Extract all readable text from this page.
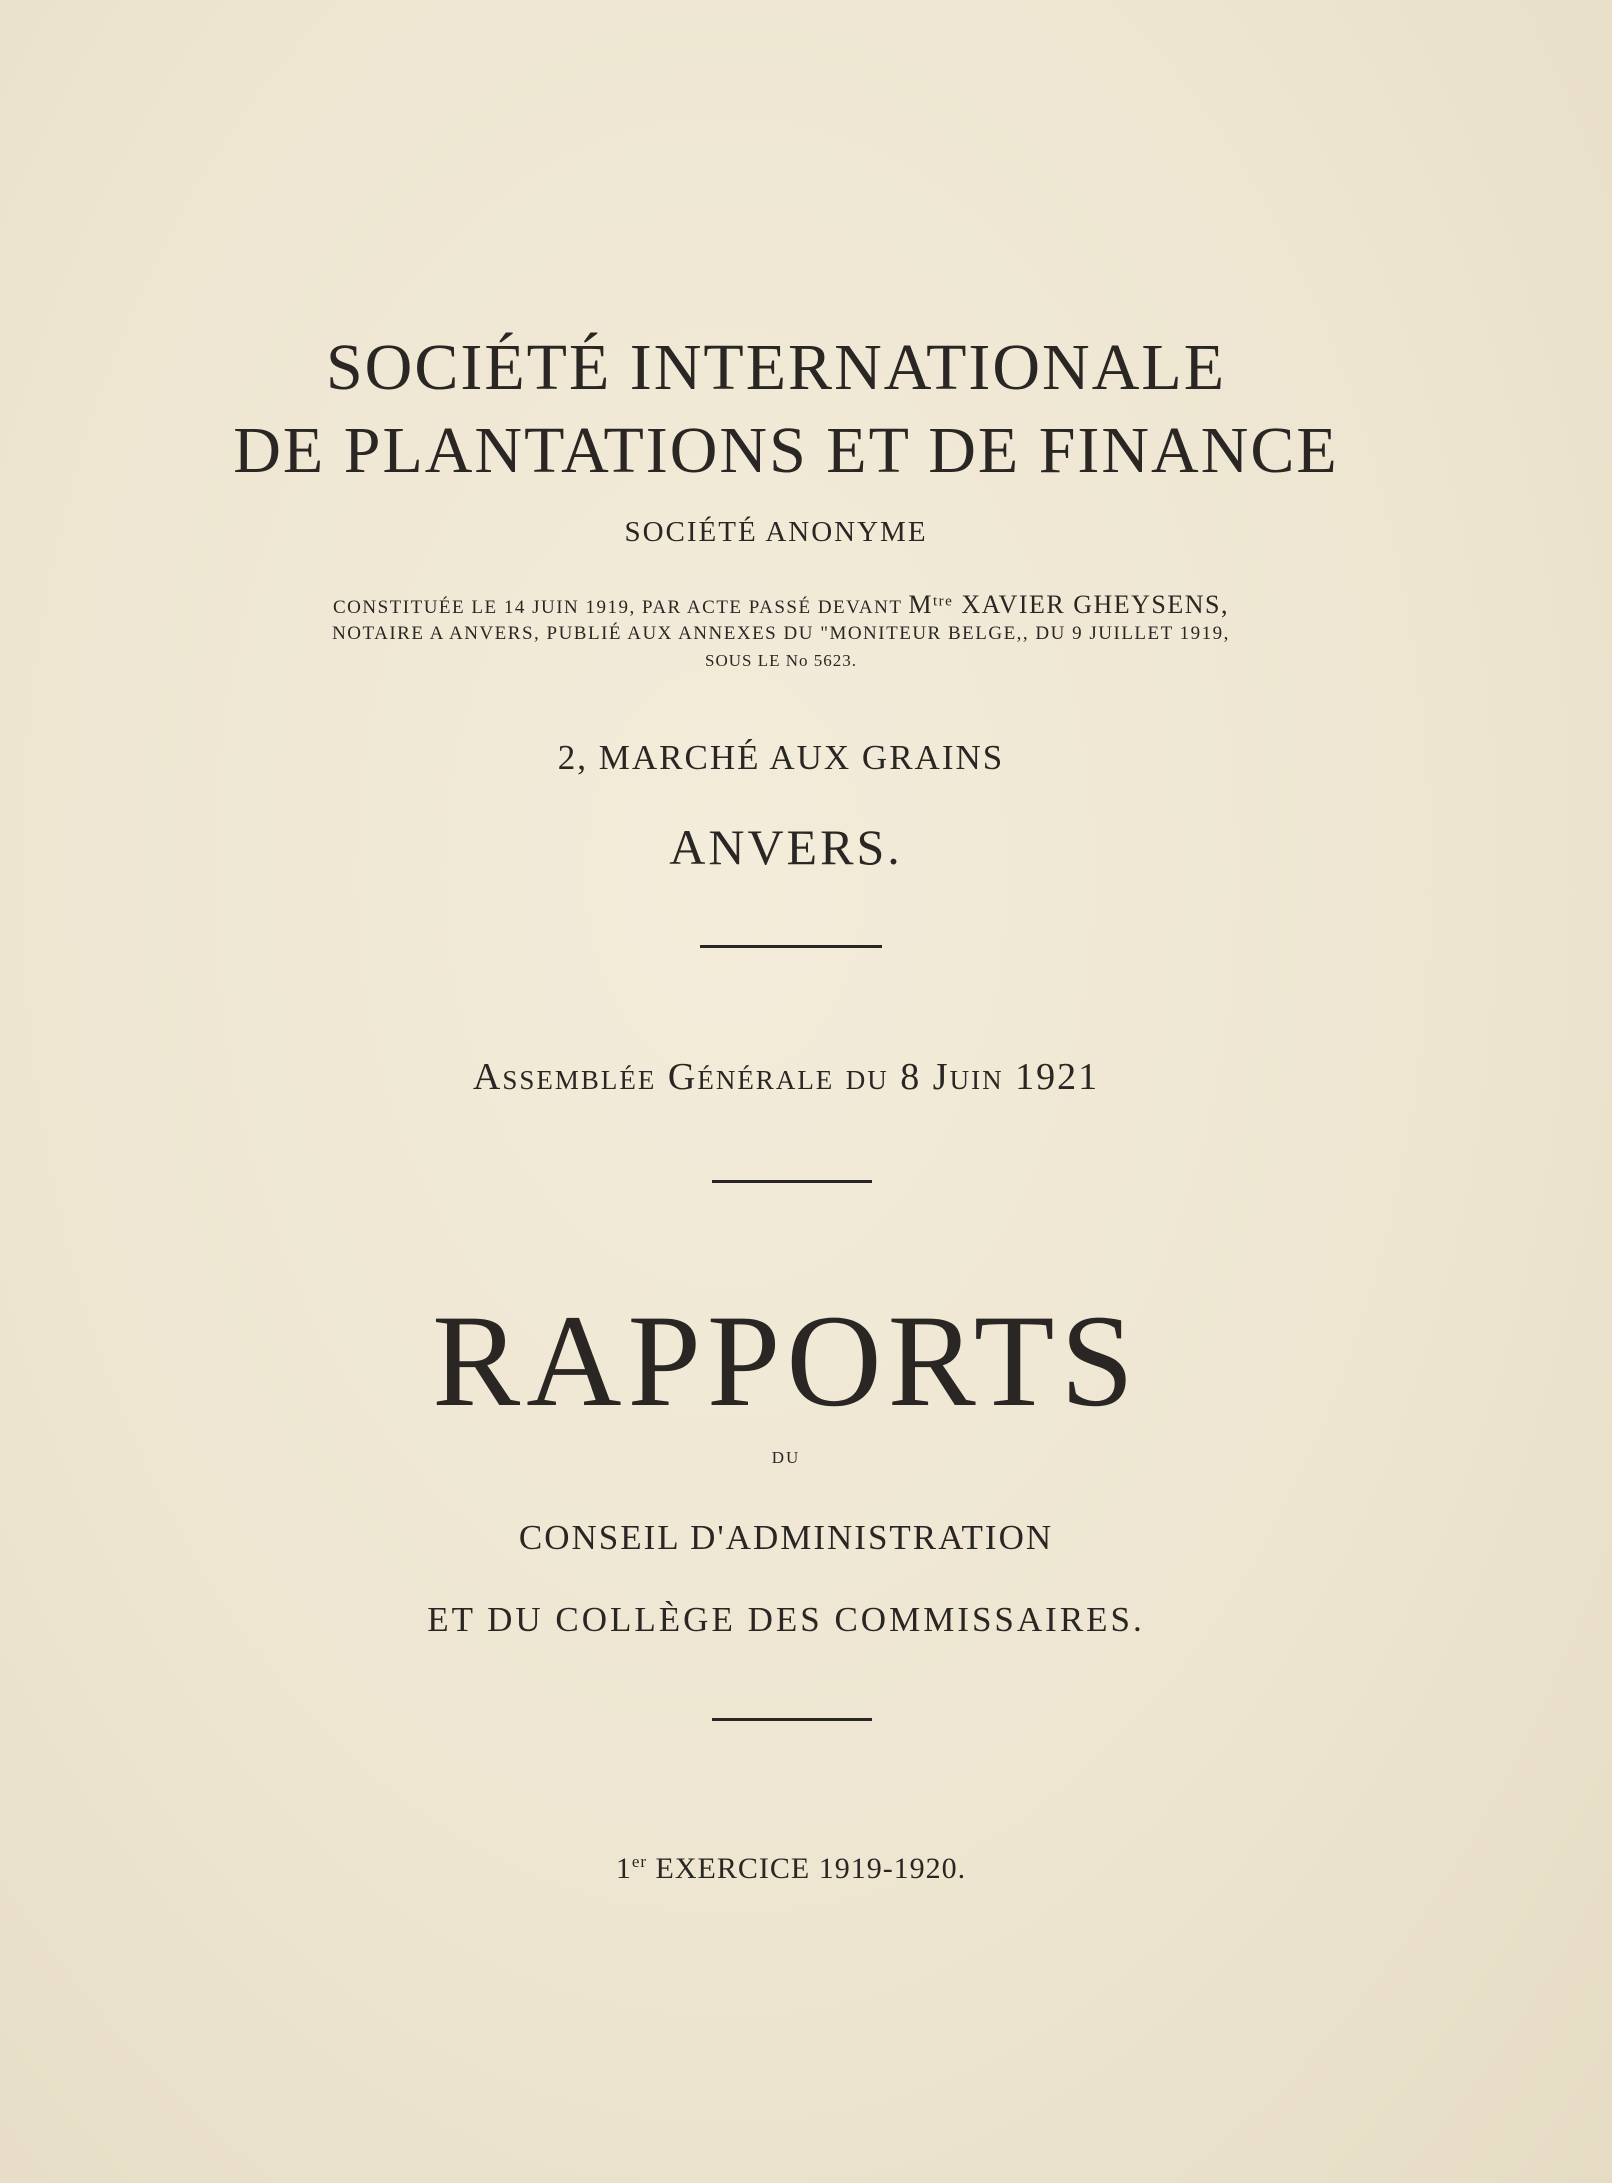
SOCIÉTÉ INTERNATIONALE
DE PLANTATIONS ET DE FINANCE
SOCIÉTÉ ANONYME
CONSTITUÉE LE 14 JUIN 1919, PAR ACTE PASSÉ DEVANT $M^{tre}$ XAVIER GHEYSENS,
NOTAIRE A ANVERS, PUBLIÉ AUX ANNEXES DU "MONITEUR BELGE,, DU 9 JUILLET 1919,
SOUS LE No 5623.
2, MARCHÉ AUX GRAINS
ANVERS.
Assemblée Générale du 8 Juin 1921
RAPPORTS
DU
CONSEIL D'ADMINISTRATION
ET DU COLLÈGE DES COMMISSAIRES.
1er EXERCICE 1919-1920.
